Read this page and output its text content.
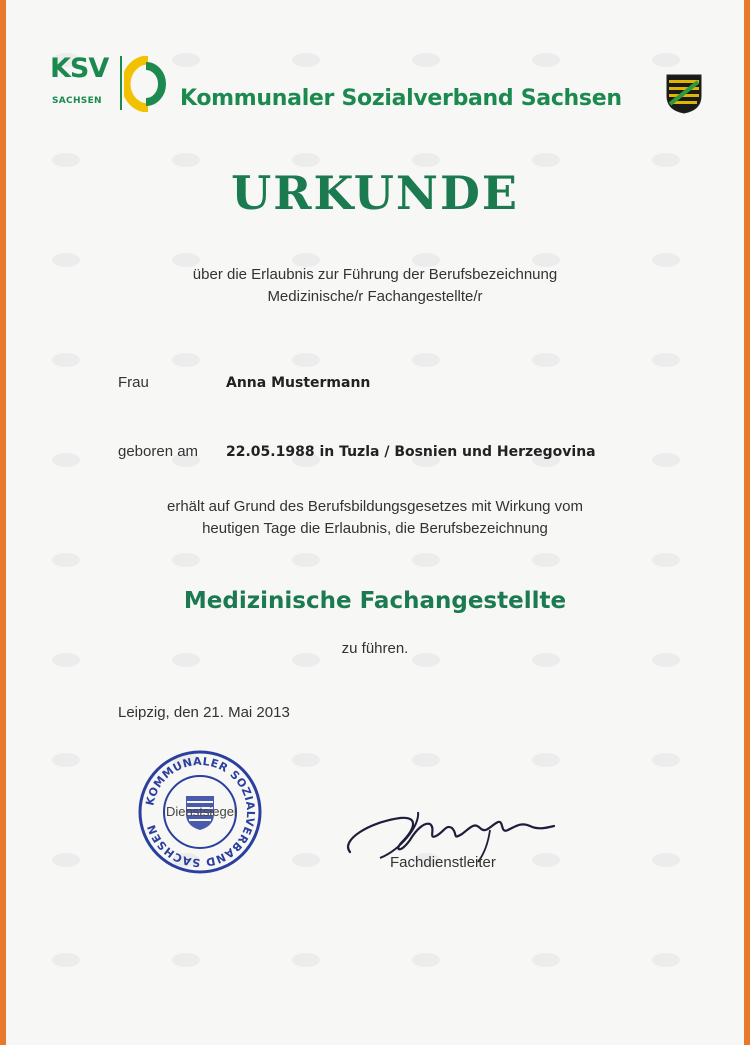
KSV
SACHSEN	Kommunaler Sozialverband Sachsen
URKUNDE
über die Erlaubnis zur Führung der Berufsbezeichnung
Medizinische/r Fachangestellte/r
Frau	Anna Mustermann
geboren am 22.05.1988 in Tuzla / Bosnien und Herzegovina
erhält auf Grund des Berufsbildungsgesetzes mit Wirkung vom
heutigen Tage die Erlaubnis, die Berufsbezeichnung
Medizinische Fachangestellte
zu führen.
Leipzig, den 21. Mai 2013
KOMMUNALER SOZIALVERBAND SACHSEN
Dienstsiegel
Fachdienstleiter
